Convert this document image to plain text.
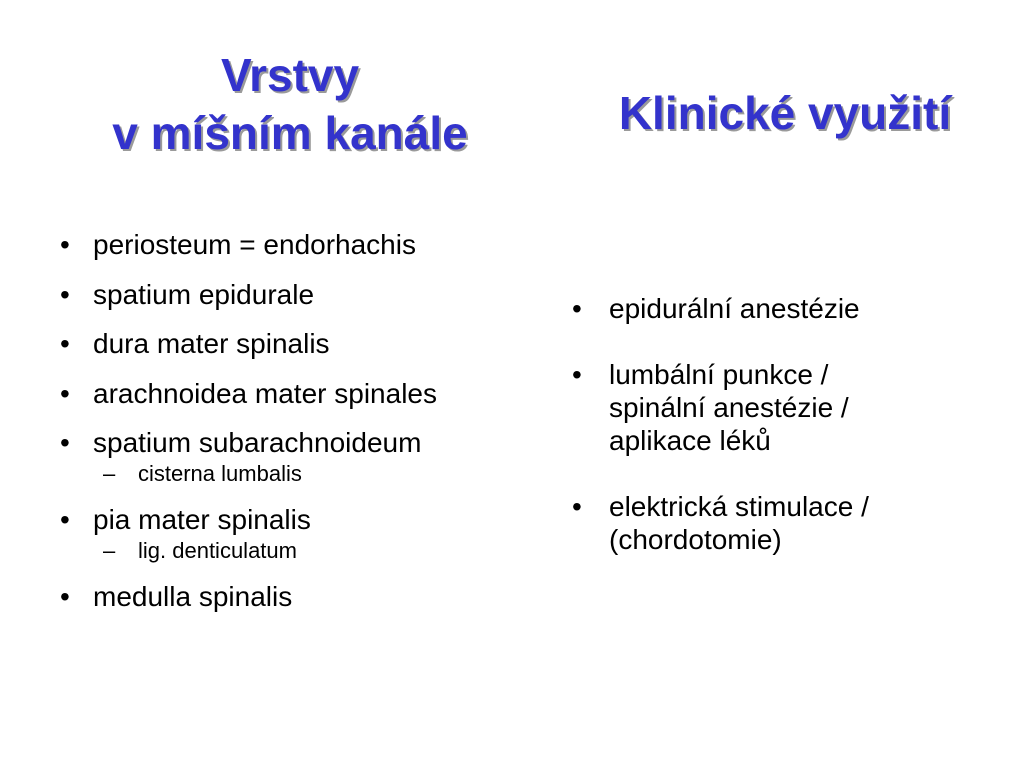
Vrstvy
v míšním kanále	Klinické využití
• periosteum = endorhachis
• spatium epidurale
• dura mater spinalis
• arachnoidea mater spinales
• spatium subarachnoideum
– cisterna lumbalis
• pia mater spinalis
– lig. denticulatum
• medulla spinalis
• epidurální anestézie
• lumbální punkce /
spinální anestézie /
aplikace léků
• elektrická stimulace /
(chordotomie)
